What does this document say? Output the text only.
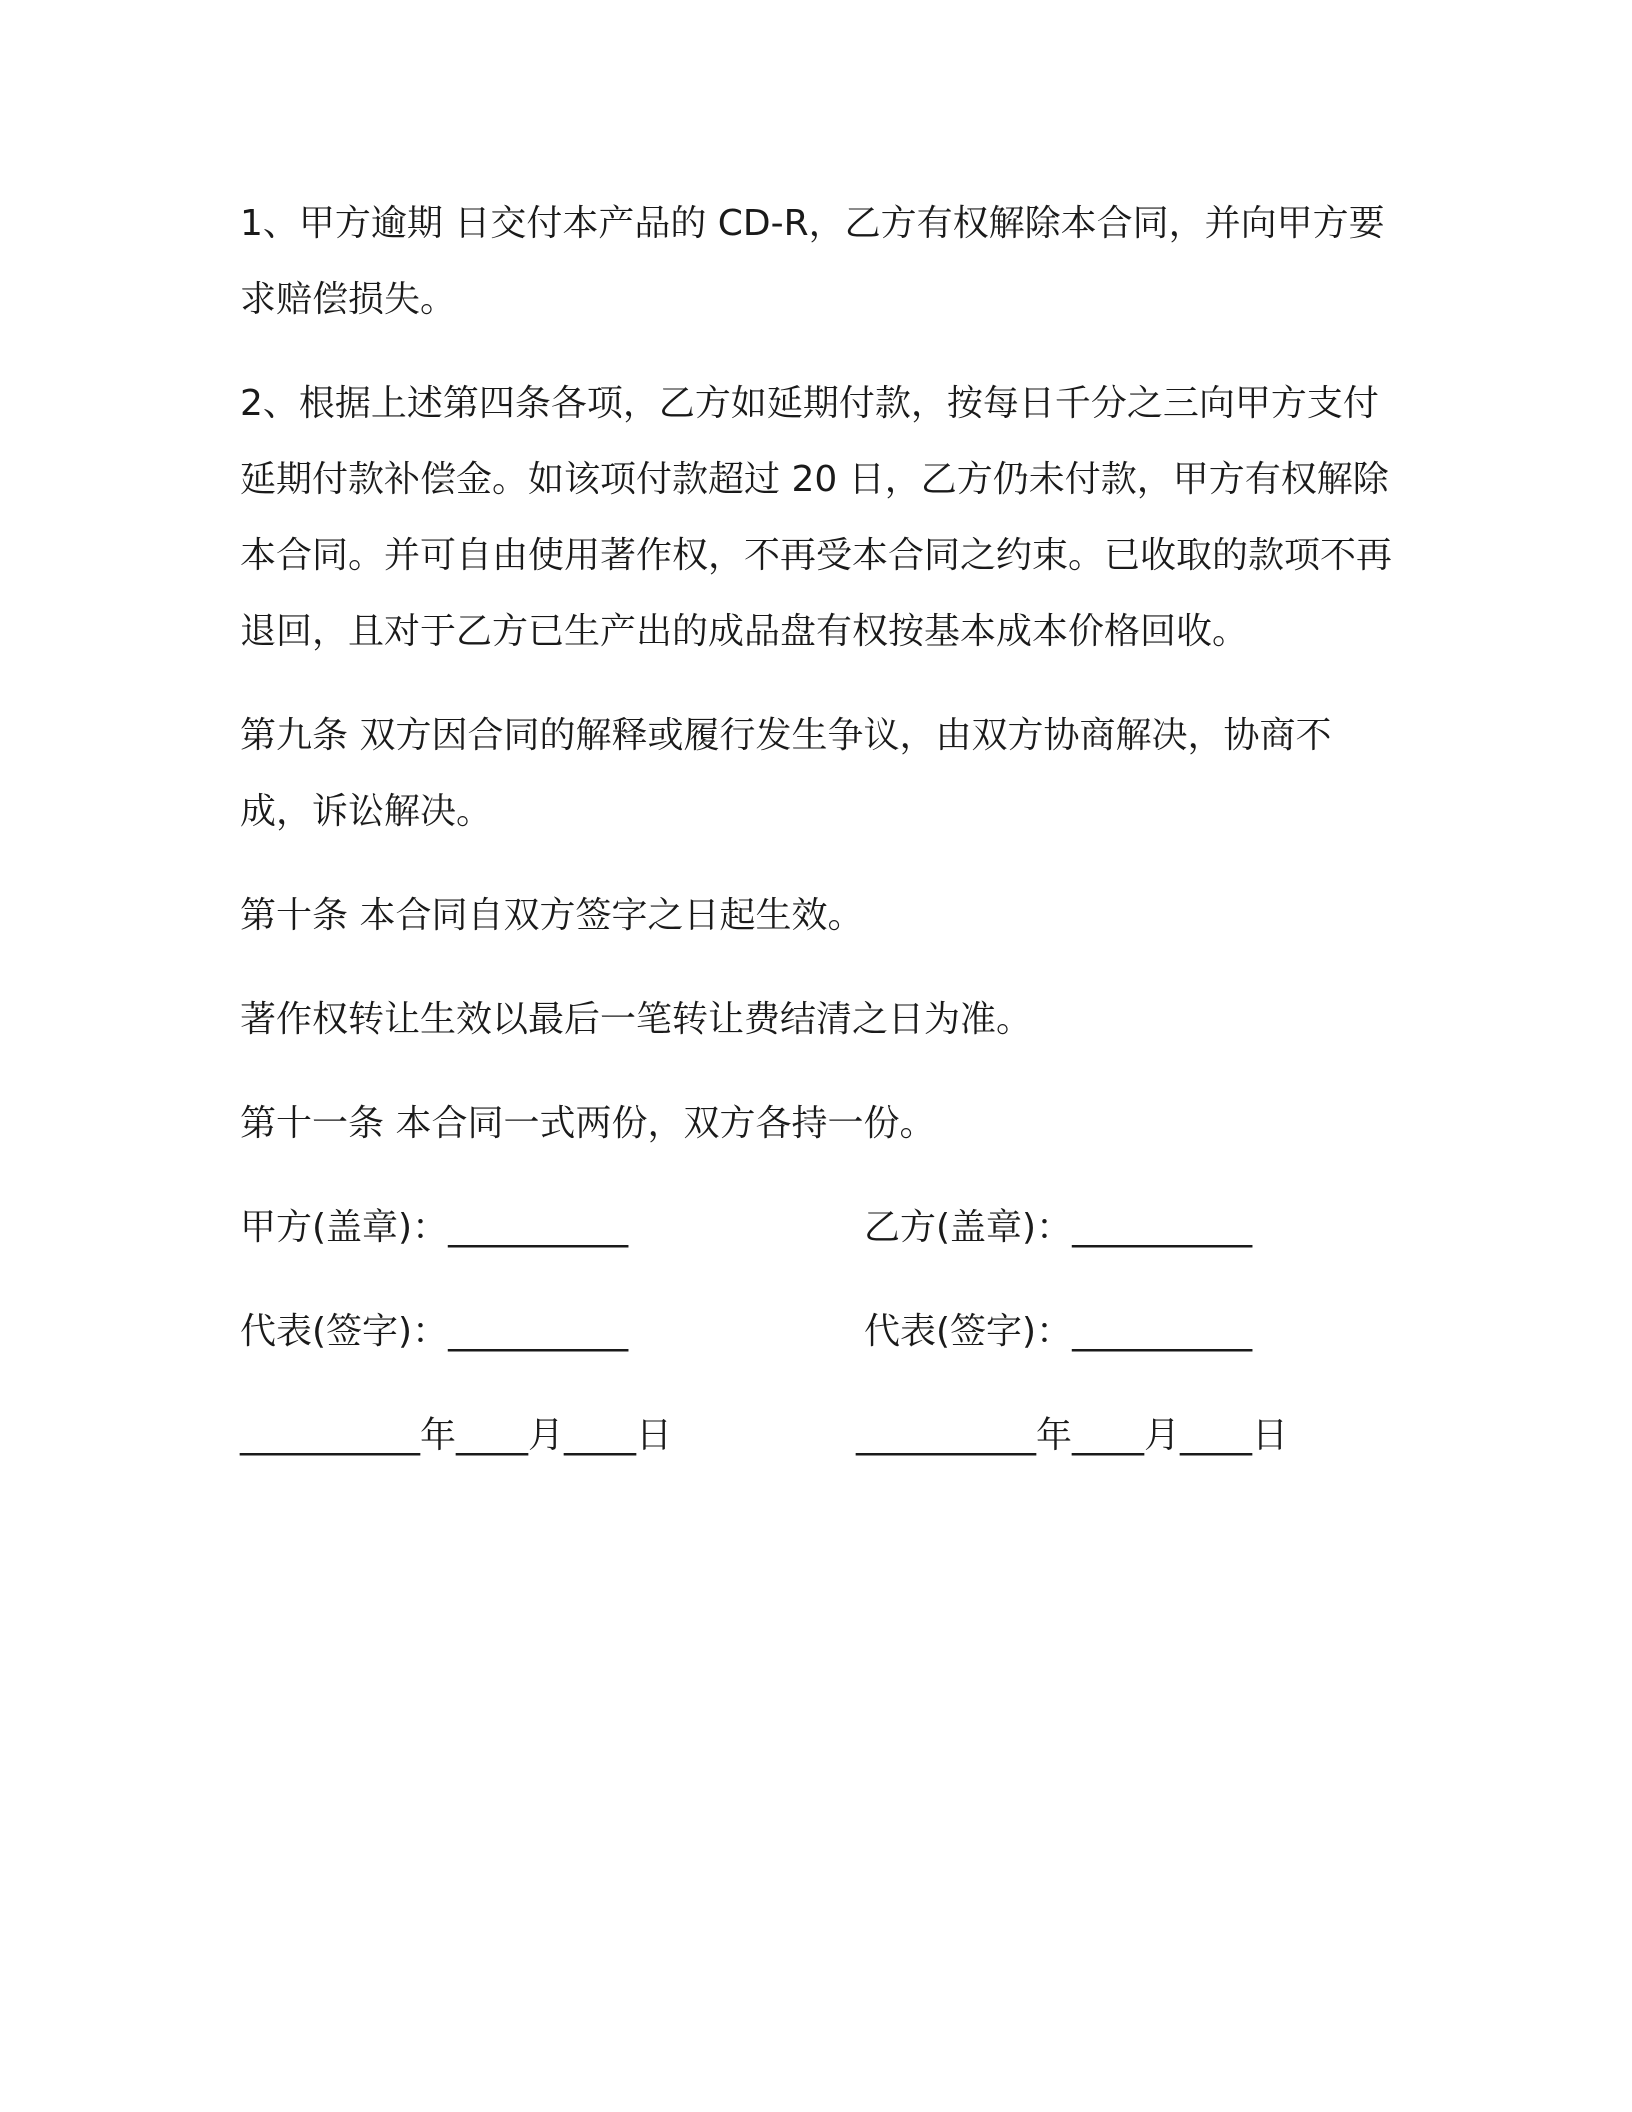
1、甲方逾期 日交付本产品的 CD-R，乙方有权解除本合同，并向甲方要求赔偿损失。

2、根据上述第四条各项，乙方如延期付款，按每日千分之三向甲方支付延期付款补偿金。如该项付款超过 20 日，乙方仍未付款，甲方有权解除本合同。并可自由使用著作权，不再受本合同之约束。已收取的款项不再退回，且对于乙方已生产出的成品盘有权按基本成本价格回收。

第九条 双方因合同的解释或履行发生争议，由双方协商解决，协商不成，诉讼解决。

第十条 本合同自双方签字之日起生效。

著作权转让生效以最后一笔转让费结清之日为准。

第十一条 本合同一式两份，双方各持一份。

甲方(盖章)：__________	乙方(盖章)：__________
代表(签字)：__________	代表(签字)：__________
__________年____月____日	__________年____月____日
